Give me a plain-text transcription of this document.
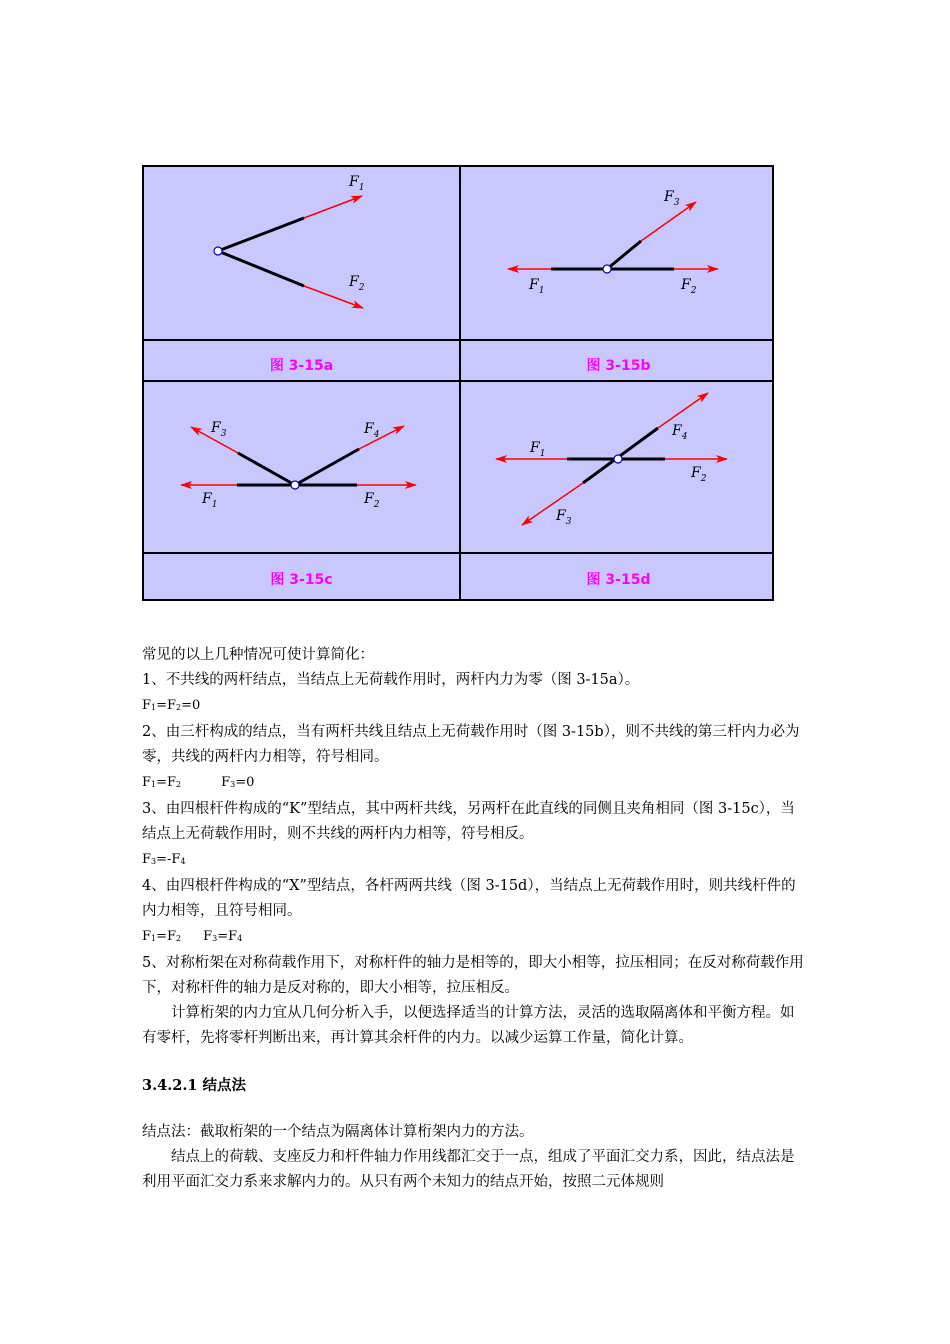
$F_1$
$F_2$
$F_3$
$F_1$	$F_2$
$F_3$	$F_4$
$F_1$	$F_2$
$F_1$
$F_4$
$F_2$
$F_3$
图 3-15a	图 3-15b
图 3-15c	图 3-15d

常见的以上几种情况可使计算简化：

1、不共线的两杆结点，当结点上无荷载作用时，两杆内力为零（图 3-15a）。

$F_1=F_2=0$

2、由三杆构成的结点，当有两杆共线且结点上无荷载作用时（图 3-15b），则不共线的第三杆内力必为零，共线的两杆内力相等，符号相同。

$F_1=F_2$	$F_3=0$

3、由四根杆件构成的“K”型结点，其中两杆共线，另两杆在此直线的同侧且夹角相同（图 3-15c），当结点上无荷载作用时，则不共线的两杆内力相等，符号相反。

$F_3=-F_4$

4、由四根杆件构成的“X”型结点，各杆两两共线（图 3-15d），当结点上无荷载作用时，则共线杆件的内力相等，且符号相同。

$F_1=F_2$ $F_3=F_4$

5、对称桁架在对称荷载作用下，对称杆件的轴力是相等的，即大小相等，拉压相同；在反对称荷载作用下，对称杆件的轴力是反对称的，即大小相等，拉压相反。

计算桁架的内力宜从几何分析入手，以便选择适当的计算方法，灵活的选取隔离体和平衡方程。如有零杆，先将零杆判断出来，再计算其余杆件的内力。以减少运算工作量，简化计算。

3.4.2.1 结点法

结点法：截取桁架的一个结点为隔离体计算桁架内力的方法。

结点上的荷载、支座反力和杆件轴力作用线都汇交于一点，组成了平面汇交力系，因此，结点法是利用平面汇交力系来求解内力的。从只有两个未知力的结点开始，按照二元体规则
